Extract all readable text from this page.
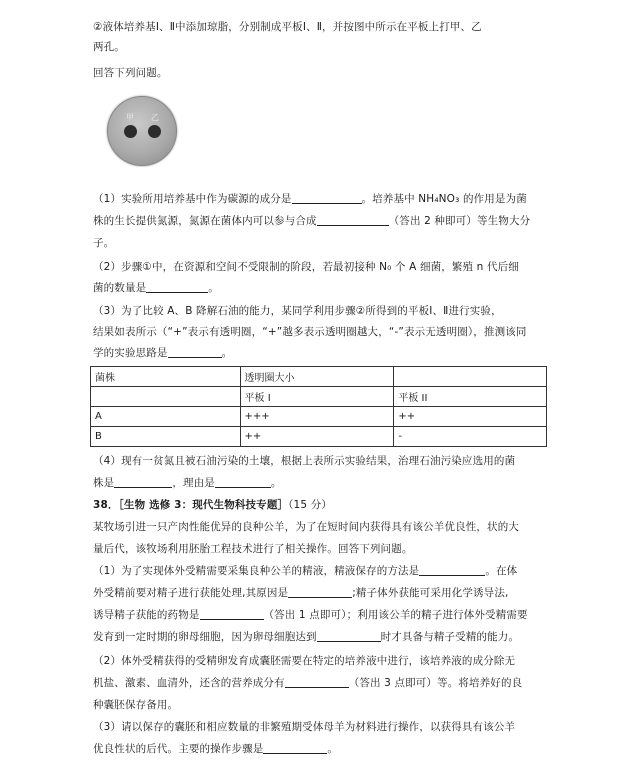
②液体培养基Ⅰ、Ⅱ中添加琼脂，分别制成平板Ⅰ、Ⅱ，并按图中所示在平板上打甲、乙
两孔。
回答下列问题。
甲 乙
（1）实验所用培养基中作为碳源的成分是	。培养基中 NH₄NO₃ 的作用是为菌
株的生长提供氮源，氮源在菌体内可以参与合成	（答出 2 种即可）等生物大分
子。
（2）步骤①中，在资源和空间不受限制的阶段，若最初接种 N₀ 个 A 细菌，繁殖 n 代后细
菌的数量是	。
（3）为了比较 A、B 降解石油的能力，某同学利用步骤②所得到的平板Ⅰ、Ⅱ进行实验，
结果如表所示（“+”表示有透明圈，“+”越多表示透明圈越大，“-”表示无透明圈），推测该同
学的实验思路是	。
菌株	透明圈大小	
	平板 I	平板 II
A	+++	++
B	++	-
（4）现有一贫氮且被石油污染的土壤，根据上表所示实验结果，治理石油污染应选用的菌
株是	，理由是	。
38．［生物 选修 3：现代生物科技专题］（15 分）
某牧场引进一只产肉性能优异的良种公羊，为了在短时间内获得具有该公羊优良性，状的大
量后代，该牧场利用胚胎工程技术进行了相关操作。回答下列问题。
（1）为了实现体外受精需要采集良种公羊的精液，精液保存的方法是	。在体
外受精前要对精子进行获能处理,其原因是	;精子体外获能可采用化学诱导法,
诱导精子获能的药物是	（答出 1 点即可）；利用该公羊的精子进行体外受精需要
发育到一定时期的卵母细胞，因为卵母细胞达到	时才具备与精子受精的能力。
（2）体外受精获得的受精卵发育成囊胚需要在特定的培养液中进行，该培养液的成分除无
机盐、激素、血清外，还含的营养成分有	（答出 3 点即可）等。将培养好的良
种囊胚保存备用。
（3）请以保存的囊胚和相应数量的非繁殖期受体母羊为材料进行操作，以获得具有该公羊
优良性状的后代。主要的操作步骤是	。
